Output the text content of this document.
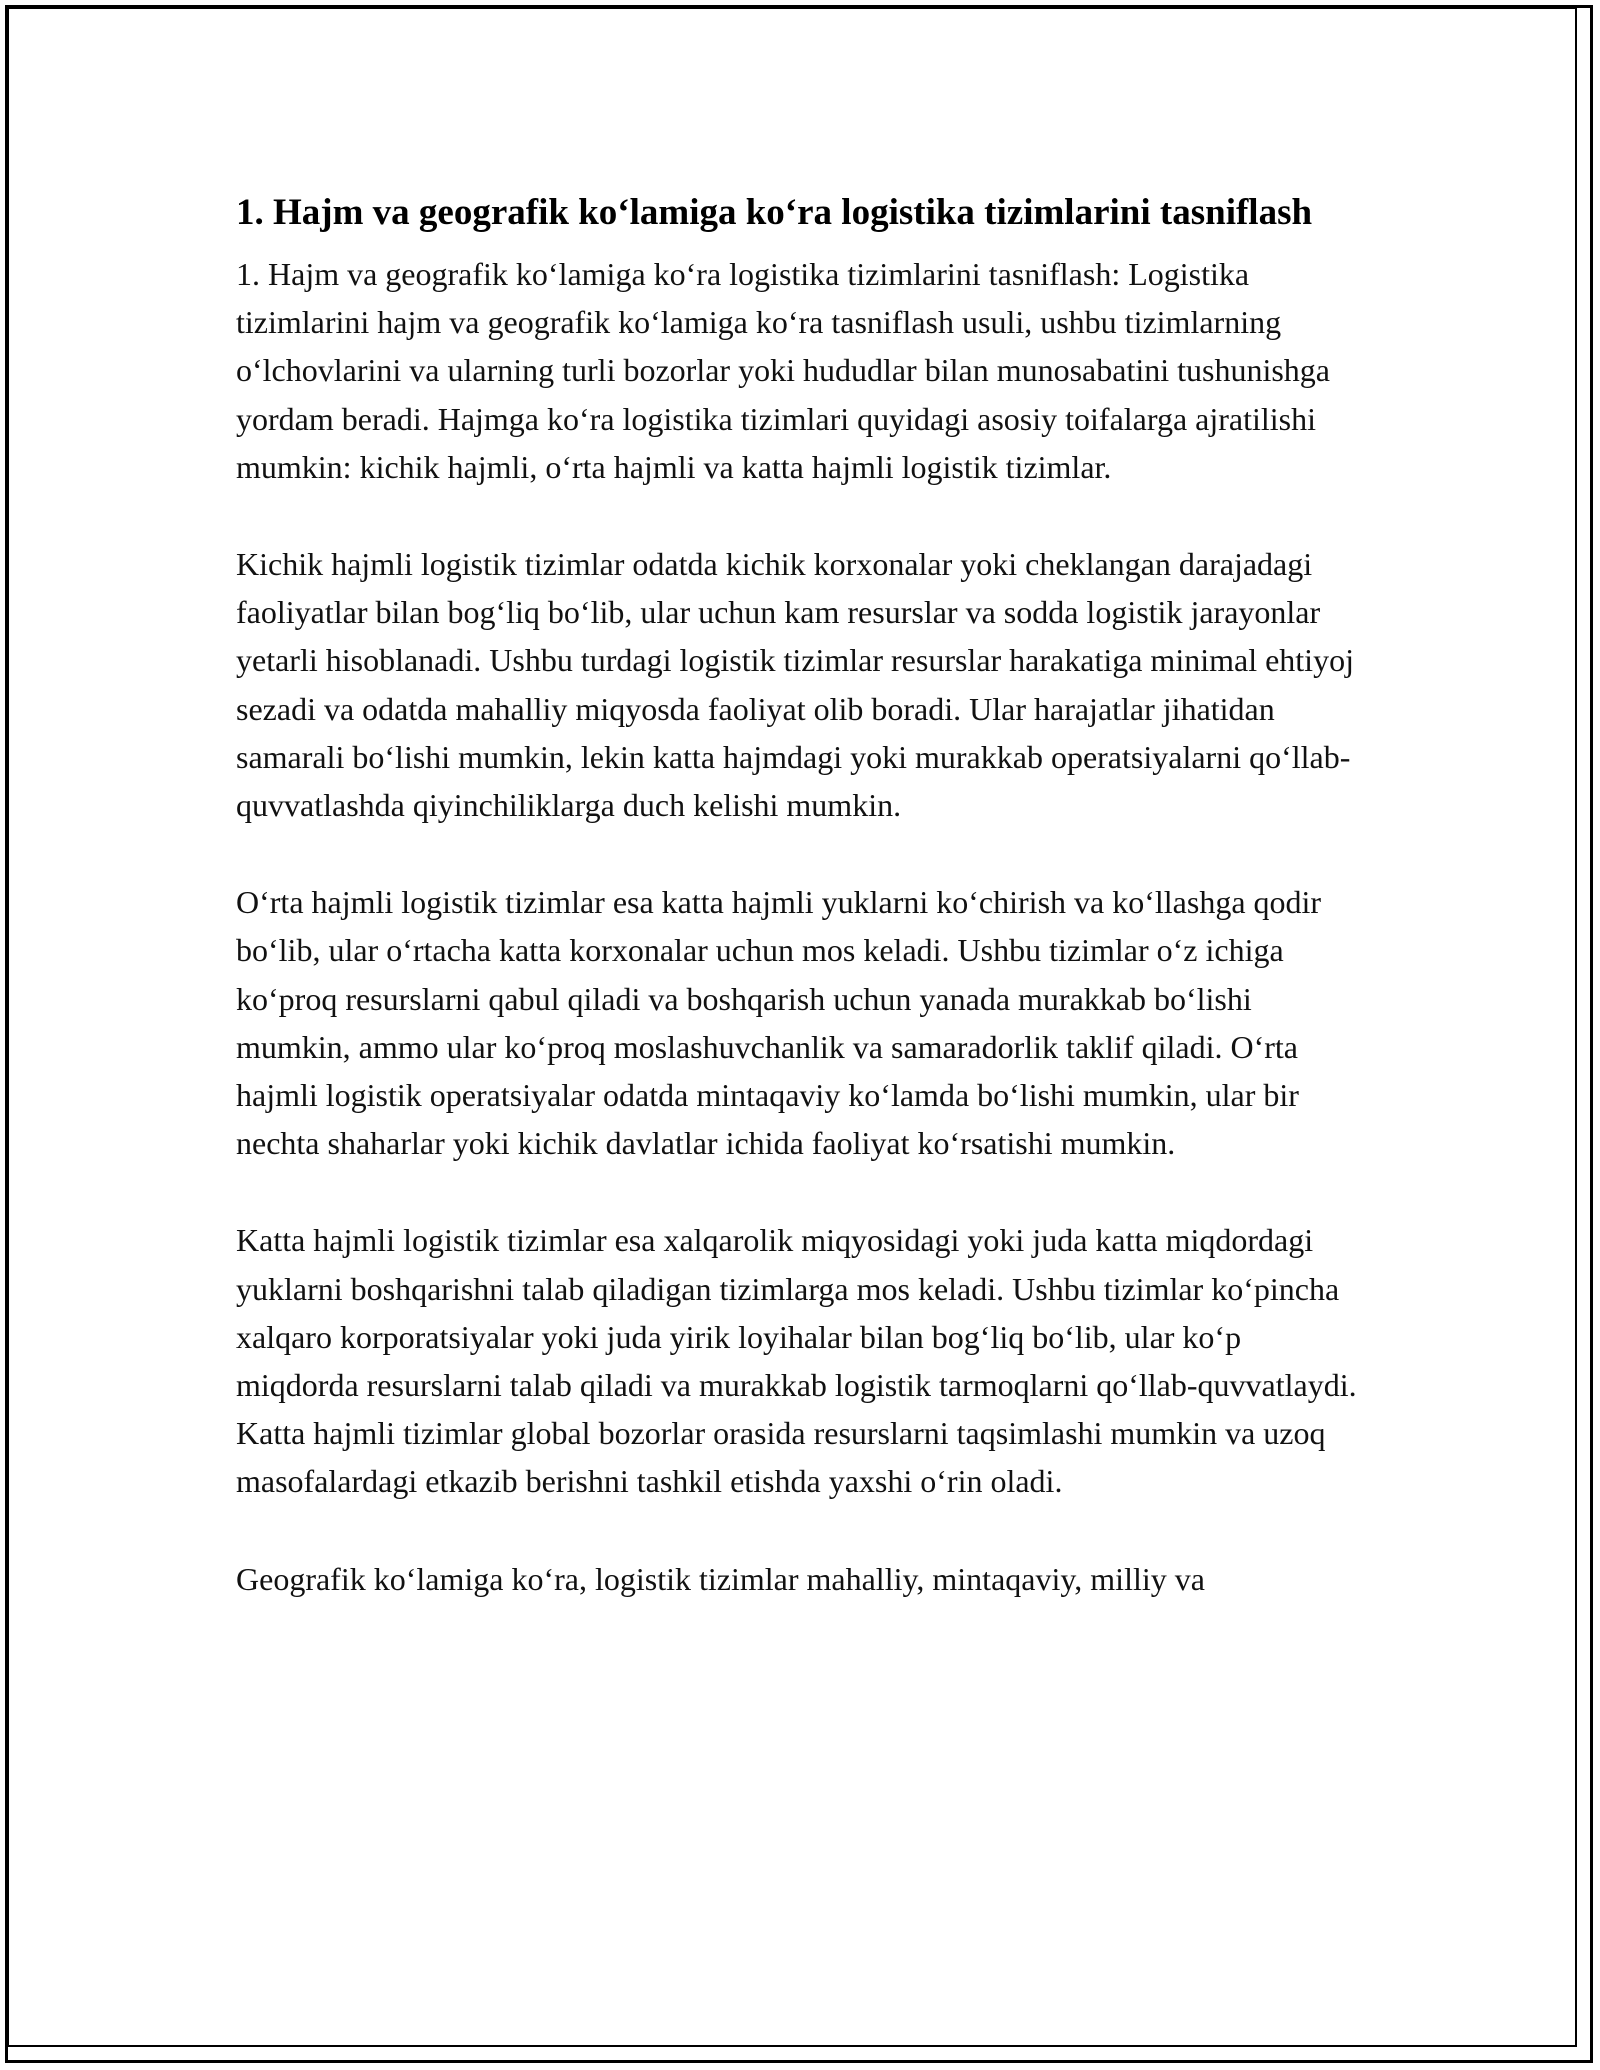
1. Hajm va geografik ko‘lamiga ko‘ra logistika tizimlarini tasniflash

1. Hajm va geografik ko‘lamiga ko‘ra logistika tizimlarini tasniflash: Logistika tizimlarini hajm va geografik ko‘lamiga ko‘ra tasniflash usuli, ushbu tizimlarning o‘lchovlarini va ularning turli bozorlar yoki hududlar bilan munosabatini tushunishga yordam beradi. Hajmga ko‘ra logistika tizimlari quyidagi asosiy toifalarga ajratilishi mumkin: kichik hajmli, o‘rta hajmli va katta hajmli logistik tizimlar.

Kichik hajmli logistik tizimlar odatda kichik korxonalar yoki cheklangan darajadagi faoliyatlar bilan bog‘liq bo‘lib, ular uchun kam resurslar va sodda logistik jarayonlar yetarli hisoblanadi. Ushbu turdagi logistik tizimlar resurslar harakatiga minimal ehtiyoj sezadi va odatda mahalliy miqyosda faoliyat olib boradi. Ular harajatlar jihatidan samarali bo‘lishi mumkin, lekin katta hajmdagi yoki murakkab operatsiyalarni qo‘llab-quvvatlashda qiyinchiliklarga duch kelishi mumkin.

O‘rta hajmli logistik tizimlar esa katta hajmli yuklarni ko‘chirish va ko‘llashga qodir bo‘lib, ular o‘rtacha katta korxonalar uchun mos keladi. Ushbu tizimlar o‘z ichiga ko‘proq resurslarni qabul qiladi va boshqarish uchun yanada murakkab bo‘lishi mumkin, ammo ular ko‘proq moslashuvchanlik va samaradorlik taklif qiladi. O‘rta hajmli logistik operatsiyalar odatda mintaqaviy ko‘lamda bo‘lishi mumkin, ular bir nechta shaharlar yoki kichik davlatlar ichida faoliyat ko‘rsatishi mumkin.

Katta hajmli logistik tizimlar esa xalqarolik miqyosidagi yoki juda katta miqdordagi yuklarni boshqarishni talab qiladigan tizimlarga mos keladi. Ushbu tizimlar ko‘pincha xalqaro korporatsiyalar yoki juda yirik loyihalar bilan bog‘liq bo‘lib, ular ko‘p miqdorda resurslarni talab qiladi va murakkab logistik tarmoqlarni qo‘llab-quvvatlaydi. Katta hajmli tizimlar global bozorlar orasida resurslarni taqsimlashi mumkin va uzoq masofalardagi etkazib berishni tashkil etishda yaxshi o‘rin oladi.

Geografik ko‘lamiga ko‘ra, logistik tizimlar mahalliy, mintaqaviy, milliy va
